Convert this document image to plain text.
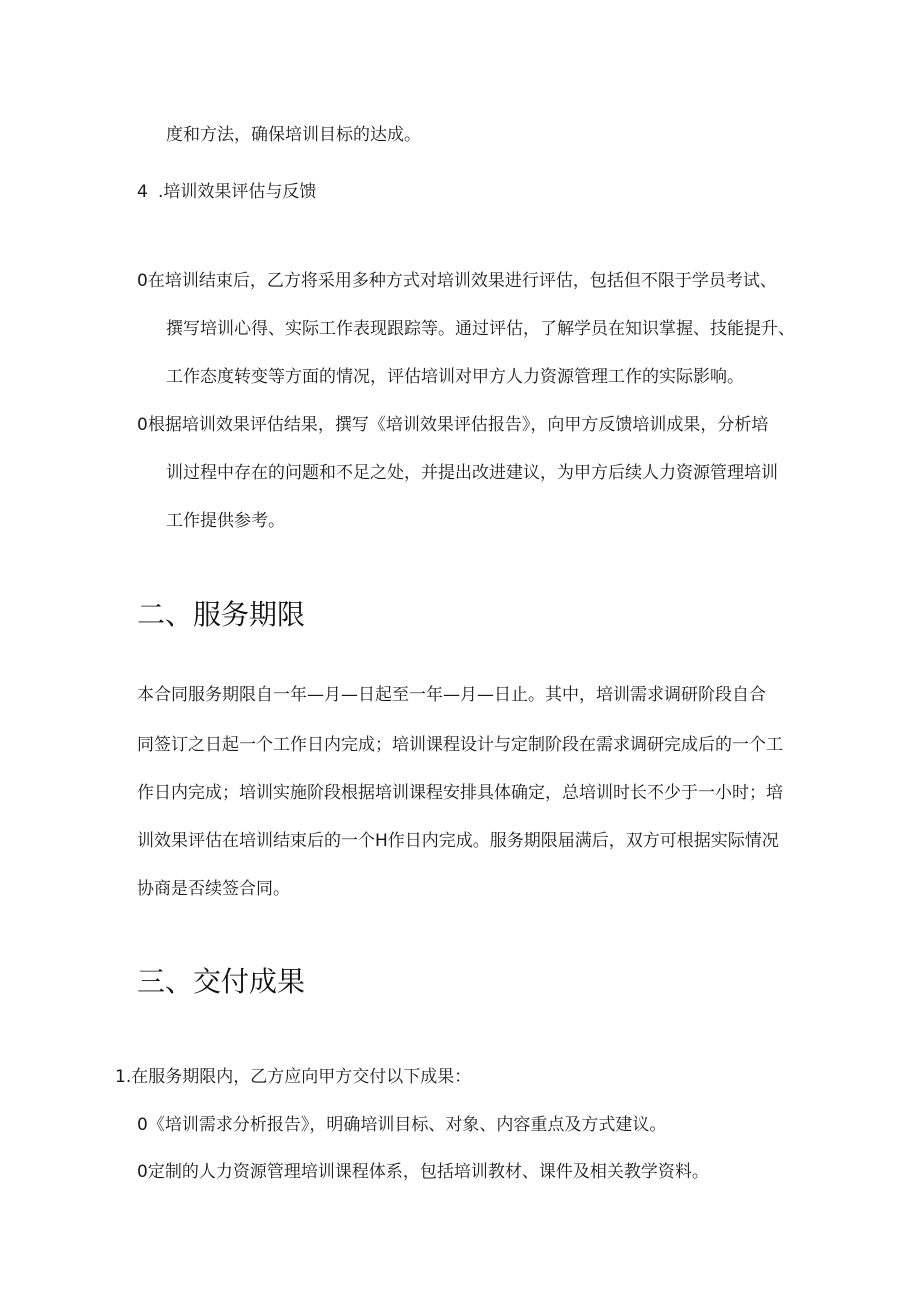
度和方法，确保培训目标的达成。
4 .培训效果评估与反馈
0在培训结束后，乙方将采用多种方式对培训效果进行评估，包括但不限于学员考试、
撰写培训心得、实际工作表现跟踪等。通过评估，了解学员在知识掌握、技能提升、
工作态度转变等方面的情况，评估培训对甲方人力资源管理工作的实际影响。
0根据培训效果评估结果，撰写《培训效果评估报告》，向甲方反馈培训成果，分析培
训过程中存在的问题和不足之处，并提出改进建议，为甲方后续人力资源管理培训
工作提供参考。
二、服务期限
本合同服务期限自一年—月—日起至一年—月—日止。其中，培训需求调研阶段自合
同签订之日起一个工作日内完成；培训课程设计与定制阶段在需求调研完成后的一个工
作日内完成；培训实施阶段根据培训课程安排具体确定，总培训时长不少于一小时；培
训效果评估在培训结束后的一个H作日内完成。服务期限届满后，双方可根据实际情况
协商是否续签合同。
三、交付成果
1.在服务期限内，乙方应向甲方交付以下成果：
0《培训需求分析报告》，明确培训目标、对象、内容重点及方式建议。
0定制的人力资源管理培训课程体系，包括培训教材、课件及相关教学资料。
